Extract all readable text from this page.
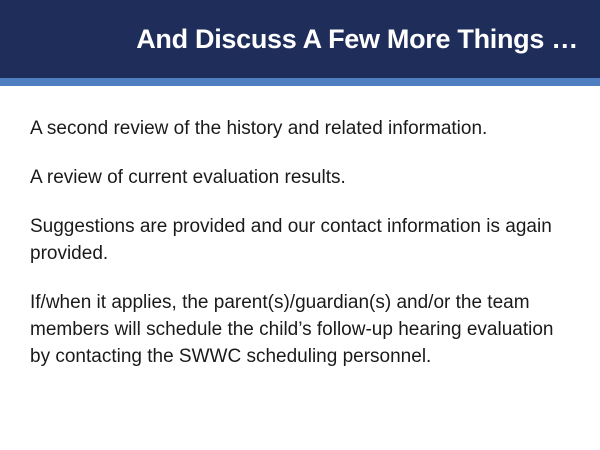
And Discuss A Few More Things …

A second review of the history and related information.

A review of current evaluation results.

Suggestions are provided and our contact information is again provided.

If/when it applies, the parent(s)/guardian(s) and/or the team members will schedule the child’s follow-up hearing evaluation by contacting the SWWC scheduling personnel.
